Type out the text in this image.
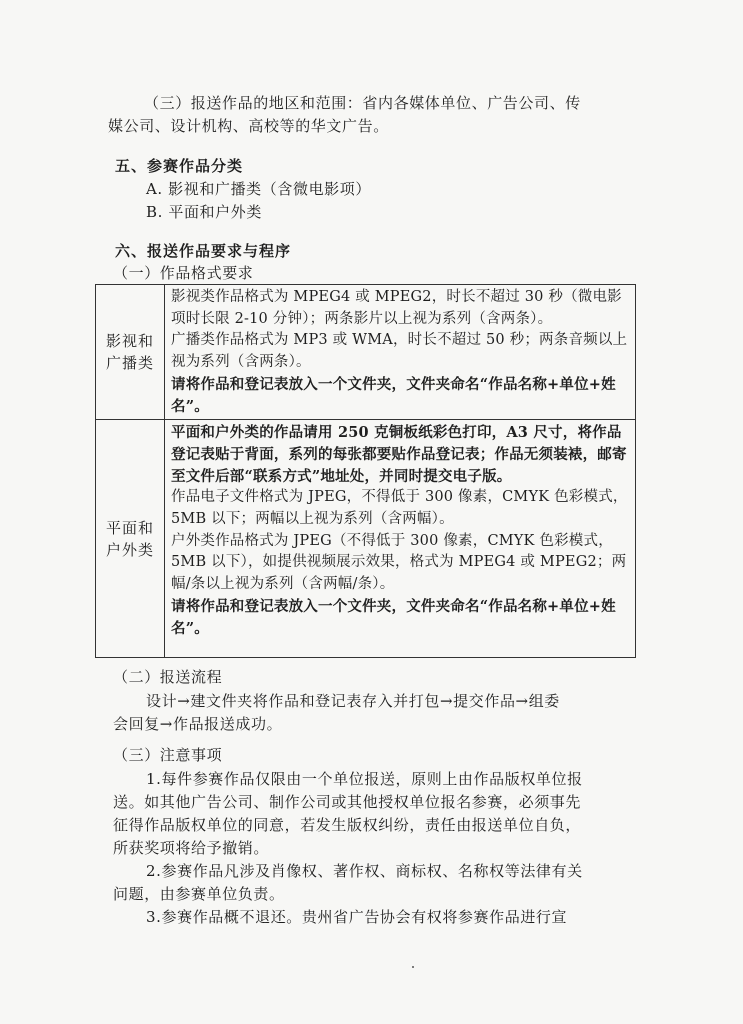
（三）报送作品的地区和范围：省内各媒体单位、广告公司、传
媒公司、设计机构、高校等的华文广告。
五、参赛作品分类
A. 影视和广播类（含微电影项）
B. 平面和户外类
六、报送作品要求与程序
（一）作品格式要求
影视和
广播类	影视类作品格式为 MPEG4 或 MPEG2，时长不超过 30 秒（微电影项时长限 2-10 分钟）；两条影片以上视为系列（含两条）。
广播类作品格式为 MP3 或 WMA，时长不超过 50 秒；两条音频以上视为系列（含两条）。
请将作品和登记表放入一个文件夹，文件夹命名“作品名称+单位+姓名”。

平面和
户外类	平面和户外类的作品请用 250 克铜板纸彩色打印，A3 尺寸，将作品登记表贴于背面，系列的每张都要贴作品登记表；作品无须装裱，邮寄至文件后部“联系方式”地址处，并同时提交电子版。
作品电子文件格式为 JPEG，不得低于 300 像素，CMYK 色彩模式，5MB 以下；两幅以上视为系列（含两幅）。
户外类作品格式为 JPEG（不得低于 300 像素，CMYK 色彩模式，5MB 以下），如提供视频展示效果，格式为 MPEG4 或 MPEG2；两幅/条以上视为系列（含两幅/条）。
请将作品和登记表放入一个文件夹，文件夹命名“作品名称+单位+姓名”。
（二）报送流程
设计→建文件夹将作品和登记表存入并打包→提交作品→组委
会回复→作品报送成功。
（三）注意事项
1.每件参赛作品仅限由一个单位报送，原则上由作品版权单位报
送。如其他广告公司、制作公司或其他授权单位报名参赛，必须事先
征得作品版权单位的同意，若发生版权纠纷，责任由报送单位自负，
所获奖项将给予撤销。
2.参赛作品凡涉及肖像权、著作权、商标权、名称权等法律有关
问题，由参赛单位负责。
3.参赛作品概不退还。贵州省广告协会有权将参赛作品进行宣
